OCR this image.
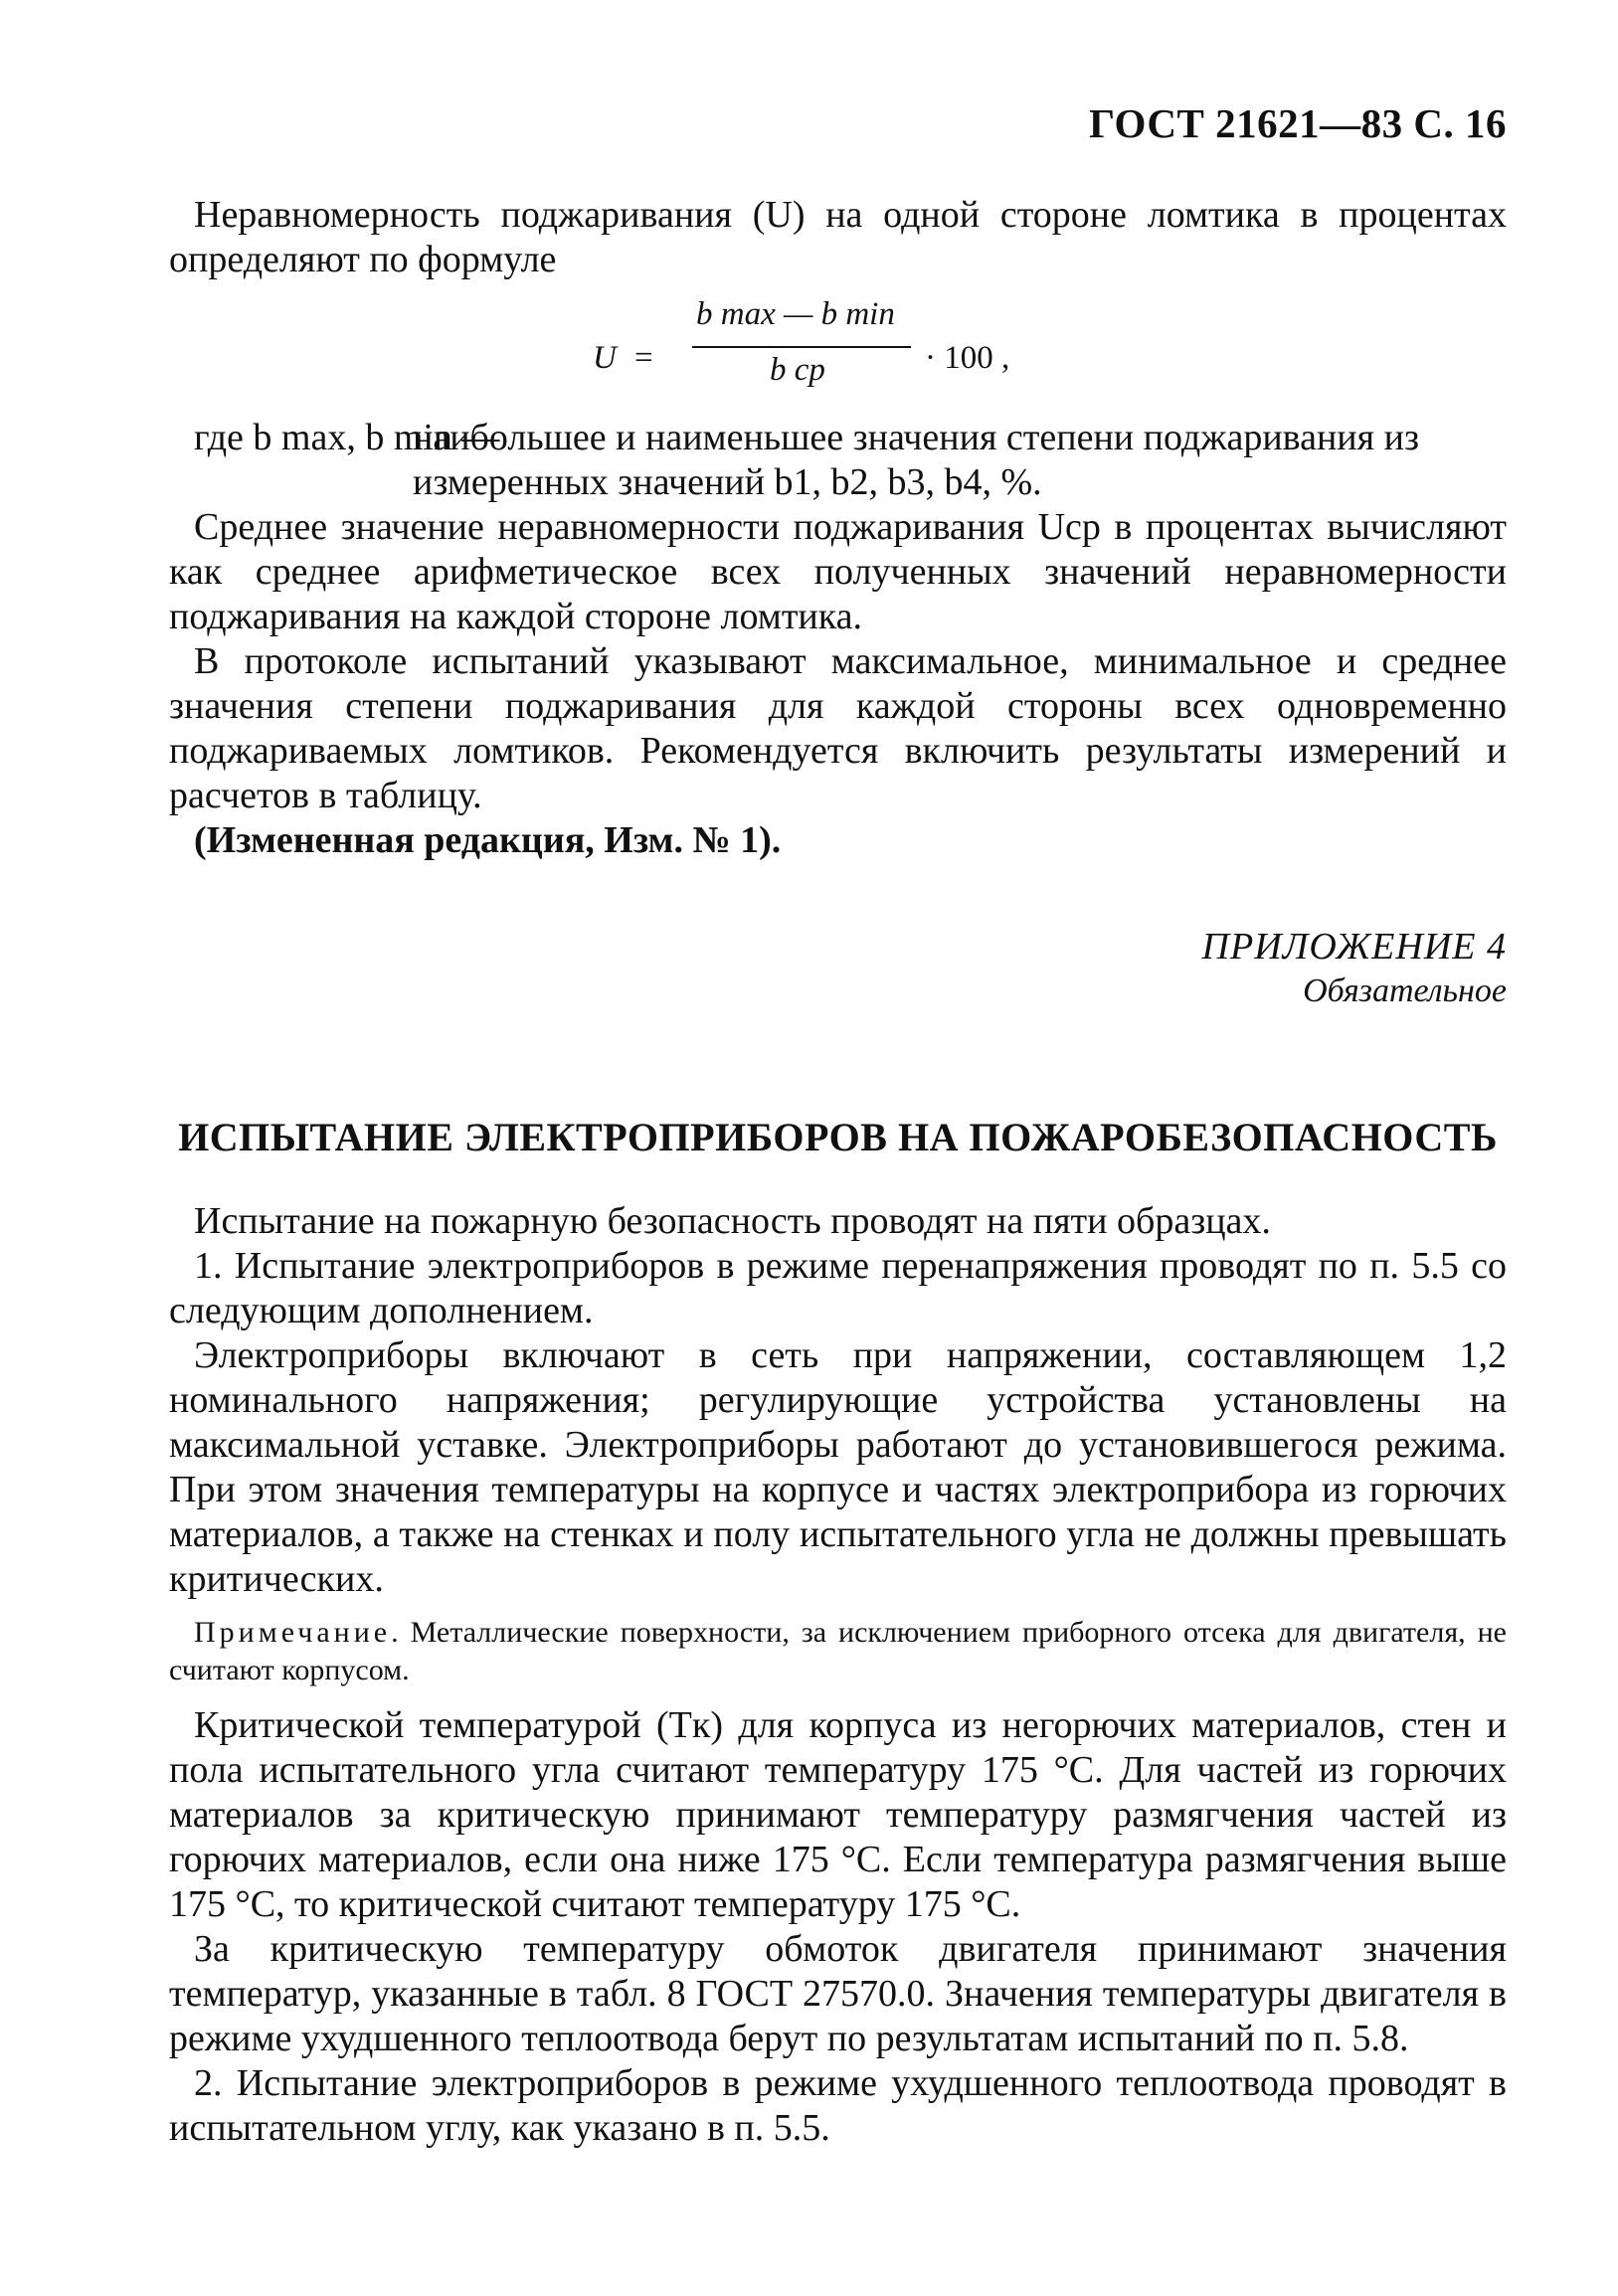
ГОСТ 21621—83 С. 16

Неравномерность поджаривания (U) на одной стороне ломтика в процентах определяют по формуле

U =
b max — b min
b ср	· 100 ,
где b max, b min —
наибольшее и наименьшее значения степени поджаривания из измеренных значений b1, b2, b3, b4, %.

Среднее значение неравномерности поджаривания Uср в процентах вычисляют как среднее арифметическое всех полученных значений неравномерности поджаривания на каждой стороне ломтика.

В протоколе испытаний указывают максимальное, минимальное и среднее значения степени поджаривания для каждой стороны всех одновременно поджариваемых ломтиков. Рекомендуется включить результаты измерений и расчетов в таблицу.

(Измененная редакция, Изм. № 1).

ПРИЛОЖЕНИЕ 4
Обязательное
ИСПЫТАНИЕ ЭЛЕКТРОПРИБОРОВ НА ПОЖАРОБЕЗОПАСНОСТЬ

Испытание на пожарную безопасность проводят на пяти образцах.

1. Испытание электроприборов в режиме перенапряжения проводят по п. 5.5 со следующим дополнением.

Электроприборы включают в сеть при напряжении, составляющем 1,2 номинального напряжения; регулирующие устройства установлены на максимальной уставке. Электроприборы работают до установившегося режима. При этом значения температуры на корпусе и частях электроприбора из горючих материалов, а также на стенках и полу испытательного угла не должны превышать критических.

Примечание. Металлические поверхности, за исключением приборного отсека для двигателя, не считают корпусом.

Критической температурой (Tк) для корпуса из негорючих материалов, стен и пола испытательного угла считают температуру 175 °С. Для частей из горючих материалов за критическую принимают температуру размягчения частей из горючих материалов, если она ниже 175 °С. Если температура размягчения выше 175 °С, то критической считают температуру 175 °С.

За критическую температуру обмоток двигателя принимают значения температур, указанные в табл. 8 ГОСТ 27570.0. Значения температуры двигателя в режиме ухудшенного теплоотвода берут по результатам испытаний по п. 5.8.

2. Испытание электроприборов в режиме ухудшенного теплоотвода проводят в испытательном углу, как указано в п. 5.5.
